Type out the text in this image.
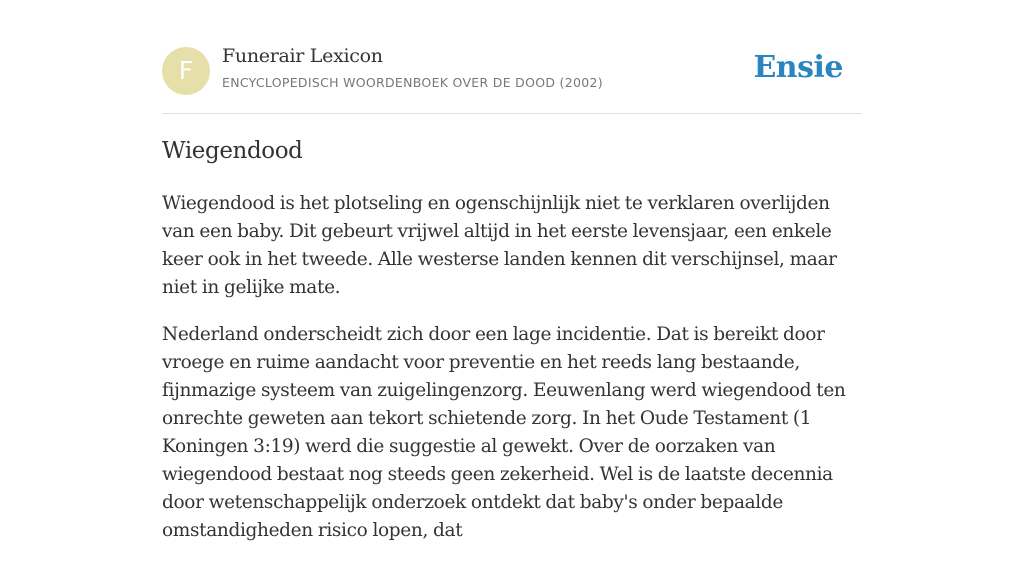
F	Funerair Lexicon
ENCYCLOPEDISCH WOORDENBOEK OVER DE DOOD (2002)	Ensie
Wiegendood

Wiegendood is het plotseling en ogenschijnlijk niet te verklaren overlijden van een baby. Dit gebeurt vrijwel altijd in het eerste levensjaar, een enkele keer ook in het tweede. Alle westerse landen kennen dit verschijnsel, maar niet in gelijke mate.

Nederland onderscheidt zich door een lage incidentie. Dat is bereikt door vroege en ruime aandacht voor preventie en het reeds lang bestaande, fijnmazige systeem van zuigelingenzorg. Eeuwenlang werd wiegendood ten onrechte geweten aan tekort schietende zorg. In het Oude Testament (1 Koningen 3:19) werd die suggestie al gewekt. Over de oorzaken van wiegendood bestaat nog steeds geen zekerheid. Wel is de laatste decennia door wetenschappelijk onderzoek ontdekt dat baby's onder bepaalde omstandigheden risico lopen, dat
